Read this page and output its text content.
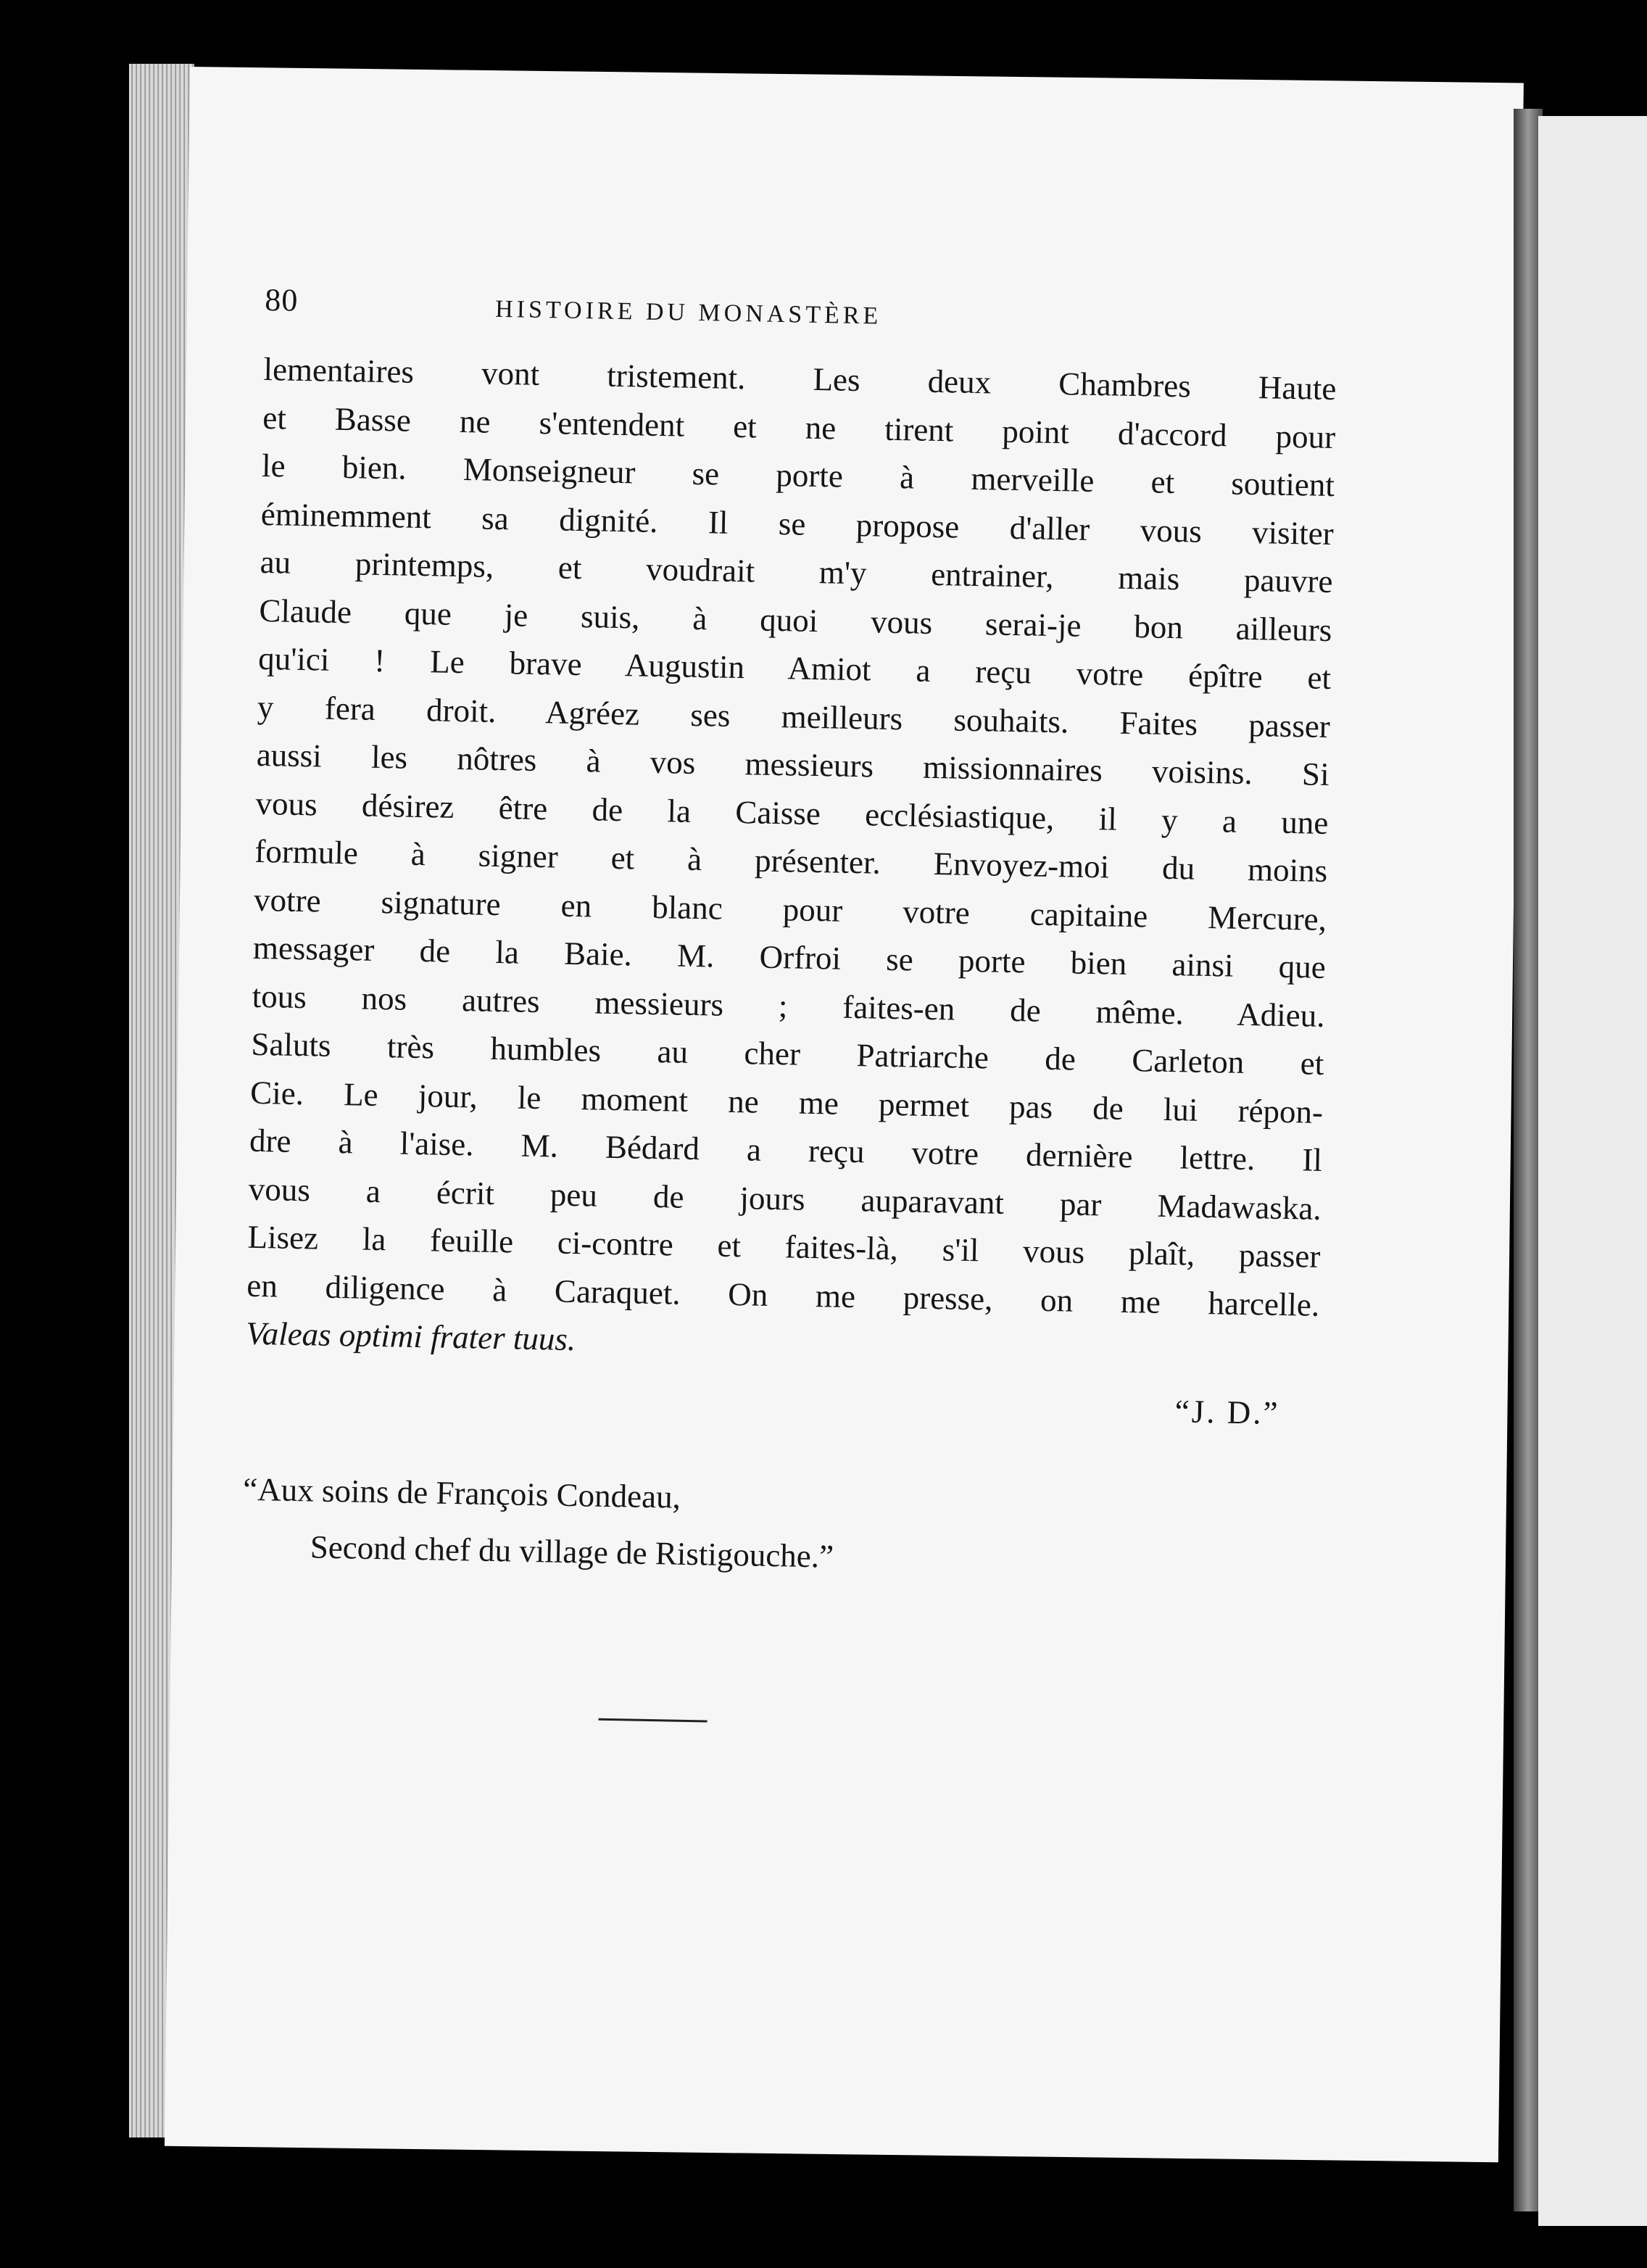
80	HISTOIRE DU MONASTÈRE
lementaires vont tristement. Les deux Chambres Haute
et Basse ne s'entendent et ne tirent point d'accord pour
le bien. Monseigneur se porte à merveille et soutient
éminemment sa dignité. Il se propose d'aller vous visiter
au printemps, et voudrait m'y entrainer, mais pauvre
Claude que je suis, à quoi vous serai-je bon ailleurs
qu'ici ! Le brave Augustin Amiot a reçu votre épître et
y fera droit. Agréez ses meilleurs souhaits. Faites passer
aussi les nôtres à vos messieurs missionnaires voisins. Si
vous désirez être de la Caisse ecclésiastique, il y a une
formule à signer et à présenter. Envoyez-moi du moins
votre signature en blanc pour votre capitaine Mercure,
messager de la Baie. M. Orfroi se porte bien ainsi que
tous nos autres messieurs ; faites-en de même. Adieu.
Saluts très humbles au cher Patriarche de Carleton et
Cie. Le jour, le moment ne me permet pas de lui répon-
dre à l'aise. M. Bédard a reçu votre dernière lettre. Il
vous a écrit peu de jours auparavant par Madawaska.
Lisez la feuille ci-contre et faites-là, s'il vous plaît, passer
en diligence à Caraquet. On me presse, on me harcelle.
Valeas optimi frater tuus.
“J. D.”
“Aux soins de François Condeau,
Second chef du village de Ristigouche.”
